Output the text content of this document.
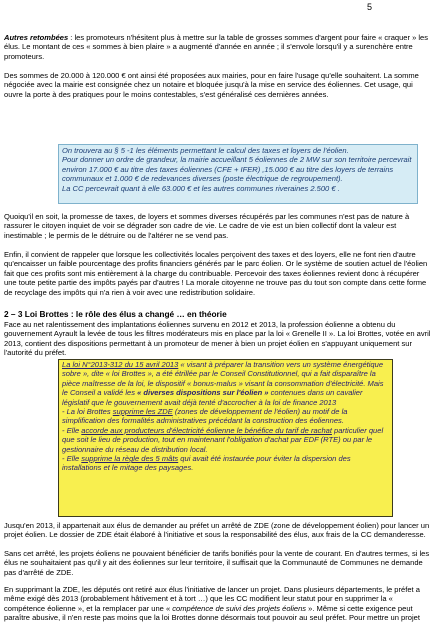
5

Autres retombées : les promoteurs n'hésitent plus à mettre sur la table de grosses sommes d'argent pour faire « craquer » les élus. Le montant de ces « sommes à bien plaire » a augmenté d'année en année ; il s'envole lorsqu'il y a surenchère entre promoteurs.

Des sommes de 20.000 à 120.000 € ont ainsi été proposées aux mairies, pour en faire l'usage qu'elle souhaitent. La somme négociée avec la mairie est consignée chez un notaire et bloquée jusqu'à la mise en service des éoliennes. Cet usage, qui ouvre la porte à des pratiques pour le moins contestables, s'est généralisé ces dernières années.

On trouvera au § 5 -1 les éléments permettant le calcul des taxes et loyers de l'éolien.

Pour donner un ordre de grandeur, la mairie accueillant 5 éoliennes de 2 MW sur son territoire percevrait environ 17.000 € au titre des taxes éoliennes (CFE + IFER) ,15.000 € au titre des loyers de terrains communaux et 1.000 € de redevances diverses (poste électrique de regroupement).

La CC percevrait quant à elle 63.000 € et les autres communes riveraines 2.500 € .

Quoiqu'il en soit, la promesse de taxes, de loyers et sommes diverses récupérés par les communes n'est pas de nature à rassurer le citoyen inquiet de voir se dégrader son cadre de vie. Le cadre de vie est un bien collectif dont la valeur est inestimable ; le permis de le détruire ou de l'altérer ne se vend pas.

Enfin, il convient de rappeler que lorsque les collectivités locales perçoivent des taxes et des loyers, elle ne font rien d'autre qu'encaisser un faible pourcentage des profits financiers générés par le parc éolien. Or le système de soutien actuel de l'éolien fait que ces profits sont mis entièrement à la charge du contribuable. Percevoir des taxes éoliennes revient donc à récupérer une toute petite partie des impôts payés par d'autres ! La morale citoyenne ne trouve pas du tout son compte dans cette forme de recyclage des impôts qui n'a rien à voir avec une redistribution solidaire.

2 – 3 Loi Brottes : le rôle des élus a changé … en théorie

Face au net ralentissement des implantations éoliennes survenu en 2012 et 2013, la profession éolienne a obtenu du gouvernement Ayrault la levée de tous les filtres modérateurs mis en place par la loi « Grenelle II ». La loi Brottes, votée en avril 2013, contient des dispositions permettant à un promoteur de mener à bien un projet éolien en s'appuyant uniquement sur l'autorité du préfet.

La loi N°2013-312 du 15 avril 2013 « visant à préparer la transition vers un système énergétique sobre », dite « loi Brottes », a été étrillée par le Conseil Constitutionnel, qui a fait disparaître la pièce maîtresse de la loi, le dispositif « bonus-malus » visant la consommation d'électricité. Mais le Conseil a validé les « diverses dispositions sur l'éolien » contenues dans un cavalier législatif que le gouvernement avait déjà tenté d'accrocher à la loi de finance 2013

- La loi Brottes supprime les ZDE (zones de développement de l'éolien) au motif de la simplification des formalités administratives précédant la construction des éoliennes.

- Elle accorde aux producteurs d'électricité éolienne le bénéfice du tarif de rachat particulier quel que soit le lieu de production, tout en maintenant l'obligation d'achat par EDF (RTE) ou par le gestionnaire du réseau de distribution local.

- Elle supprime la règle des 5 mâts qui avait été instaurée pour éviter la dispersion des installations et le mitage des paysages.

Jusqu'en 2013, il appartenait aux élus de demander au préfet un arrêté de ZDE (zone de développement éolien) pour lancer un projet éolien. Le dossier de ZDE était élaboré à l'initiative et sous la responsabilité des élus, aux frais de la CC demanderesse.

Sans cet arrêté, les projets éoliens ne pouvaient bénéficier de tarifs bonifiés pour la vente de courant. En d'autres termes, si les élus ne souhaitaient pas qu'il y ait des éoliennes sur leur territoire, il suffisait que la Communauté de Communes ne demande pas d'arrêté de ZDE.

En supprimant la ZDE, les députés ont retiré aux élus l'initiative de lancer un projet. Dans plusieurs départements, le préfet a même exigé dès 2013 (probablement hâtivement et à tort …) que les CC modifient leur statut pour en supprimer la « compétence éolienne », et la remplacer par une « compétence de suivi des projets éoliens ». Même si cette exigence peut paraître abusive, il n'en reste pas moins que la loi Brottes donne désormais tout pouvoir au seul préfet. Pour mettre un projet
